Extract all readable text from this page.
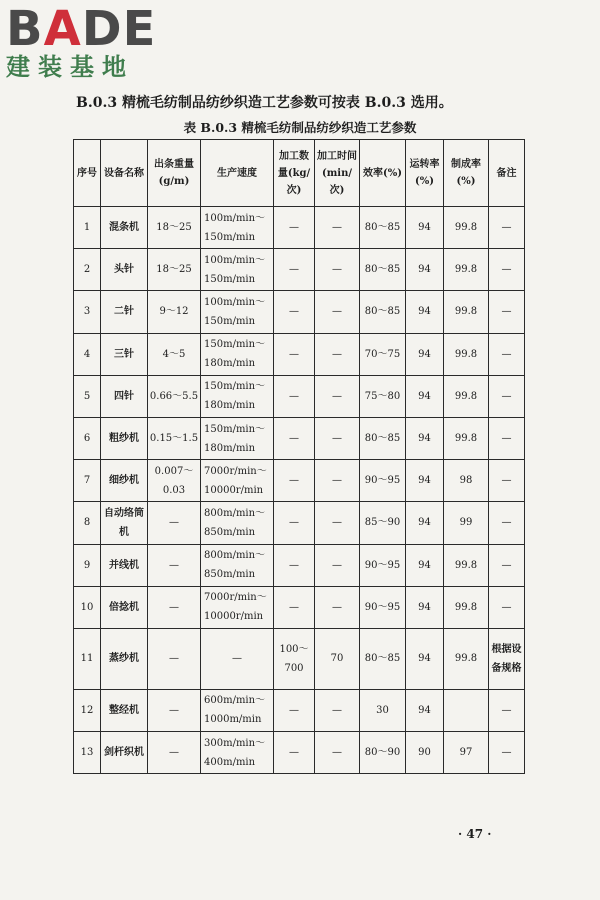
BADE
建装基地
B.0.3 精梳毛纺制品纺纱织造工艺参数可按表 B.0.3 选用。
表 B.0.3 精梳毛纺制品纺纱织造工艺参数
序号	设备名称	出条重量(g/m)	生产速度	加工数量(kg/次)	加工时间(min/次)	效率(%)	运转率(%)	制成率(%)	备注
1	混条机	18～25	100m/min～150m/min	—	—	80～85	94	99.8	—
2	头针	18～25	100m/min～150m/min	—	—	80～85	94	99.8	—
3	二针	9～12	100m/min～150m/min	—	—	80～85	94	99.8	—
4	三针	4～5	150m/min～180m/min	—	—	70～75	94	99.8	—
5	四针	0.66～5.5	150m/min～180m/min	—	—	75～80	94	99.8	—
6	粗纱机	0.15～1.5	150m/min～180m/min	—	—	80～85	94	99.8	—
7	细纱机	0.007～0.03	7000r/min～10000r/min	—	—	90～95	94	98	—
8	自动络筒机	—	800m/min～850m/min	—	—	85～90	94	99	—
9	并线机	—	800m/min～850m/min	—	—	90～95	94	99.8	—
10	倍捻机	—	7000r/min～10000r/min	—	—	90～95	94	99.8	—
11	蒸纱机	—	—	100～700	70	80～85	94	99.8	根据设备规格
12	整经机	—	600m/min～1000m/min	—	—	30	94		—
13	剑杆织机	—	300m/min～400m/min	—	—	80～90	90	97	—
· 47 ·
